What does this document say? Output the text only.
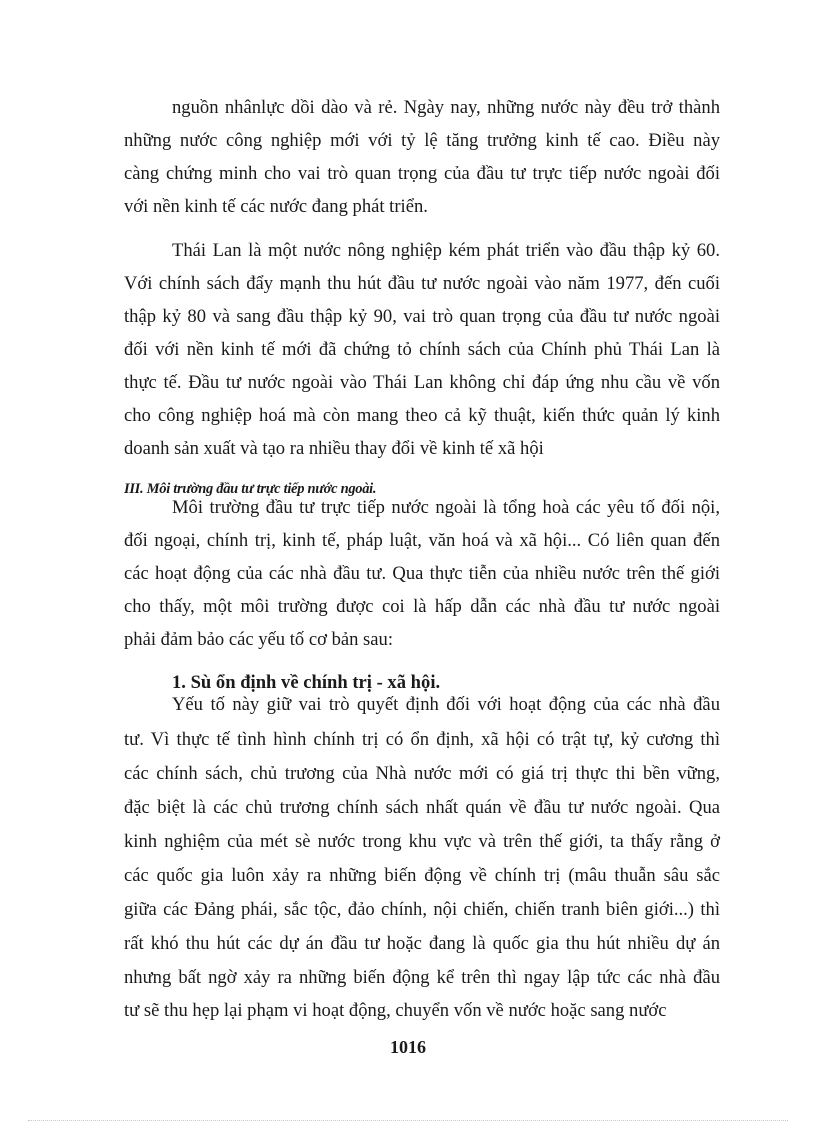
nguồn nhânlực dồi dào và rẻ. Ngày nay, những nước này đều trở thành
những nước công nghiệp mới với tỷ lệ tăng trưởng kinh tế cao. Điều này
càng chứng minh cho vai trò quan trọng của đầu tư trực tiếp nước ngoài đối
với nền kinh tế các nước đang phát triển.
Thái Lan là một nước nông nghiệp kém phát triển vào đầu thập kỷ 60.
Với chính sách đẩy mạnh thu hút đầu tư nước ngoài vào năm 1977, đến cuối
thập kỷ 80 và sang đầu thập kỷ 90, vai trò quan trọng của đầu tư nước ngoài
đối với nền kinh tế mới đã chứng tỏ chính sách của Chính phủ Thái Lan là
thực tế. Đầu tư nước ngoài vào Thái Lan không chỉ đáp ứng nhu cầu về vốn
cho công nghiệp hoá mà còn mang theo cả kỹ thuật, kiến thức quản lý kinh
doanh sản xuất và tạo ra nhiều thay đổi về kinh tế xã hội
III. Môi trường đầu tư trực tiếp nước ngoài.
Môi trường đầu tư trực tiếp nước ngoài là tổng hoà các yêu tố đối nội,
đối ngoại, chính trị, kinh tế, pháp luật, văn hoá và xã hội... Có liên quan đến
các hoạt động của các nhà đầu tư. Qua thực tiễn của nhiều nước trên thế giới
cho thấy, một môi trường được coi là hấp dẫn các nhà đầu tư nước ngoài
phải đảm bảo các yếu tố cơ bản sau:
1. Sù ổn định về chính trị - xã hội.
Yếu tố này giữ vai trò quyết định đối với hoạt động của các nhà đầu
tư. Vì thực tế tình hình chính trị có ổn định, xã hội có trật tự, kỷ cương thì
các chính sách, chủ trương của Nhà nước mới có giá trị thực thi bền vững,
đặc biệt là các chủ trương chính sách nhất quán về đầu tư nước ngoài. Qua
kinh nghiệm của mét sè nước trong khu vực và trên thế giới, ta thấy rằng ở
các quốc gia luôn xảy ra những biến động về chính trị (mâu thuẫn sâu sắc
giữa các Đảng phái, sắc tộc, đảo chính, nội chiến, chiến tranh biên giới...) thì
rất khó thu hút các dự án đầu tư hoặc đang là quốc gia thu hút nhiều dự án
nhưng bất ngờ xảy ra những biến động kể trên thì ngay lập tức các nhà đầu
tư sẽ thu hẹp lại phạm vi hoạt động, chuyển vốn về nước hoặc sang nước
1016
